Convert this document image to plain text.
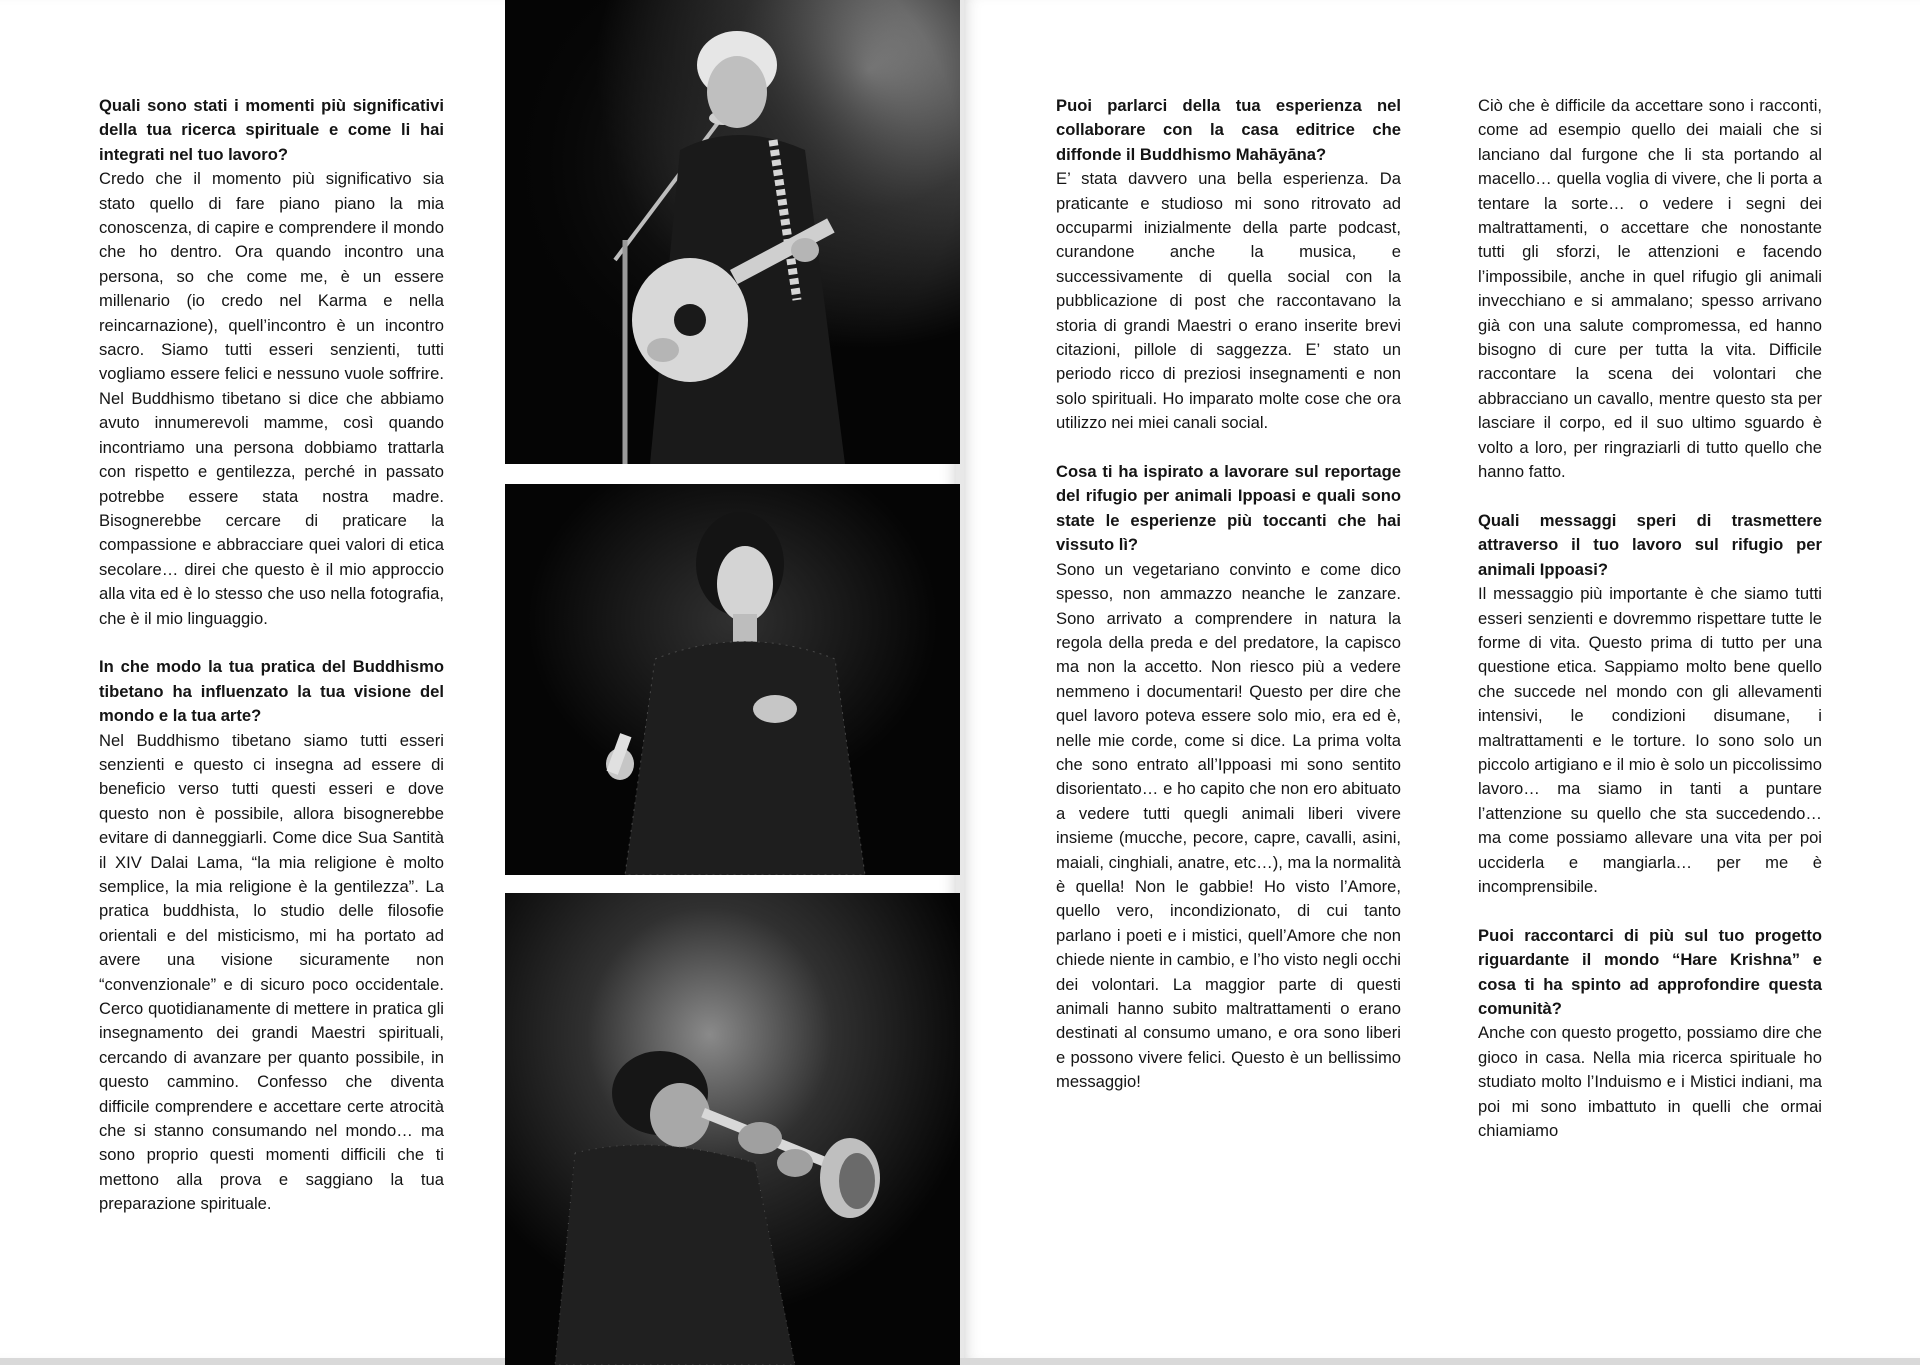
Quali sono stati i momenti più significativi della tua ricerca spirituale e come li hai integrati nel tuo lavoro?

Credo che il momento più significativo sia stato quello di fare piano piano la mia conoscenza, di capire e comprendere il mondo che ho dentro. Ora quando incontro una persona, so che come me, è un essere millenario (io credo nel Karma e nella reincarnazione), quell’incontro è un incontro sacro. Siamo tutti esseri senzienti, tutti vogliamo essere felici e nessuno vuole soffrire. Nel Buddhismo tibetano si dice che abbiamo avuto innumerevoli mamme, così quando incontriamo una persona dobbiamo trattarla con rispetto e gentilezza, perché in passato potrebbe essere stata nostra madre. Bisognerebbe cercare di praticare la compassione e abbracciare quei valori di etica secolare… direi che questo è il mio approccio alla vita ed è lo stesso che uso nella fotografia, che è il mio linguaggio.

In che modo la tua pratica del Buddhismo tibetano ha influenzato la tua visione del mondo e la tua arte?

Nel Buddhismo tibetano siamo tutti esseri senzienti e questo ci insegna ad essere di beneficio verso tutti questi esseri e dove questo non è possibile, allora bisognerebbe evitare di danneggiarli. Come dice Sua Santità il XIV Dalai Lama, “la mia religione è molto semplice, la mia religione è la gentilezza”. La pratica buddhista, lo studio delle filosofie orientali e del misticismo, mi ha portato ad avere una visione sicuramente non “convenzionale” e di sicuro poco occidentale. Cerco quotidianamente di mettere in pratica gli insegnamento dei grandi Maestri spirituali, cercando di avanzare per quanto possibile, in questo cammino. Confesso che diventa difficile comprendere e accettare certe atrocità che si stanno consumando nel mondo… ma sono proprio questi momenti difficili che ti mettono alla prova e saggiano la tua preparazione spirituale.

Puoi parlarci della tua esperienza nel collaborare con la casa editrice che diffonde il Buddhismo Mahāyāna?

E’ stata davvero una bella esperienza. Da praticante e studioso mi sono ritrovato ad occuparmi inizialmente della parte podcast, curandone anche la musica, e successivamente di quella social con la pubblicazione di post che raccontavano la storia di grandi Maestri o erano inserite brevi citazioni, pillole di saggezza. E’ stato un periodo ricco di preziosi insegnamenti e non solo spirituali. Ho imparato molte cose che ora utilizzo nei miei canali social.

Cosa ti ha ispirato a lavorare sul reportage del rifugio per animali Ippoasi e quali sono state le esperienze più toccanti che hai vissuto lì?

Sono un vegetariano convinto e come dico spesso, non ammazzo neanche le zanzare. Sono arrivato a comprendere in natura la regola della preda e del predatore, la capisco ma non la accetto. Non riesco più a vedere nemmeno i documentari! Questo per dire che quel lavoro poteva essere solo mio, era ed è, nelle mie corde, come si dice. La prima volta che sono entrato all’Ippoasi mi sono sentito disorientato… e ho capito che non ero abituato a vedere tutti quegli animali liberi vivere insieme (mucche, pecore, capre, cavalli, asini, maiali, cinghiali, anatre, etc…), ma la normalità è quella! Non le gabbie! Ho visto l’Amore, quello vero, incondizionato, di cui tanto parlano i poeti e i mistici, quell’Amore che non chiede niente in cambio, e l’ho visto negli occhi dei volontari. La maggior parte di questi animali hanno subito maltrattamenti o erano destinati al consumo umano, e ora sono liberi e possono vivere felici. Questo è un bellissimo messaggio!

Ciò che è difficile da accettare sono i racconti, come ad esempio quello dei maiali che si lanciano dal furgone che li sta portando al macello… quella voglia di vivere, che li porta a tentare la sorte… o vedere i segni dei maltrattamenti, o accettare che nonostante tutti gli sforzi, le attenzioni e facendo l’impossibile, anche in quel rifugio gli animali invecchiano e si ammalano; spesso arrivano già con una salute compromessa, ed hanno bisogno di cure per tutta la vita. Difficile raccontare la scena dei volontari che abbracciano un cavallo, mentre questo sta per lasciare il corpo, ed il suo ultimo sguardo è volto a loro, per ringraziarli di tutto quello che hanno fatto.

Quali messaggi speri di trasmettere attraverso il tuo lavoro sul rifugio per animali Ippoasi?

Il messaggio più importante è che siamo tutti esseri senzienti e dovremmo rispettare tutte le forme di vita. Questo prima di tutto per una questione etica. Sappiamo molto bene quello che succede nel mondo con gli allevamenti intensivi, le condizioni disumane, i maltrattamenti e le torture. Io sono solo un piccolo artigiano e il mio è solo un piccolissimo lavoro… ma siamo in tanti a puntare l’attenzione su quello che sta succedendo… ma come possiamo allevare una vita per poi ucciderla e mangiarla… per me è incomprensibile.

Puoi raccontarci di più sul tuo progetto riguardante il mondo “Hare Krishna” e cosa ti ha spinto ad approfondire questa comunità?

Anche con questo progetto, possiamo dire che gioco in casa. Nella mia ricerca spirituale ho studiato molto l’Induismo e i Mistici indiani, ma poi mi sono imbattuto in quelli che ormai chiamiamo
